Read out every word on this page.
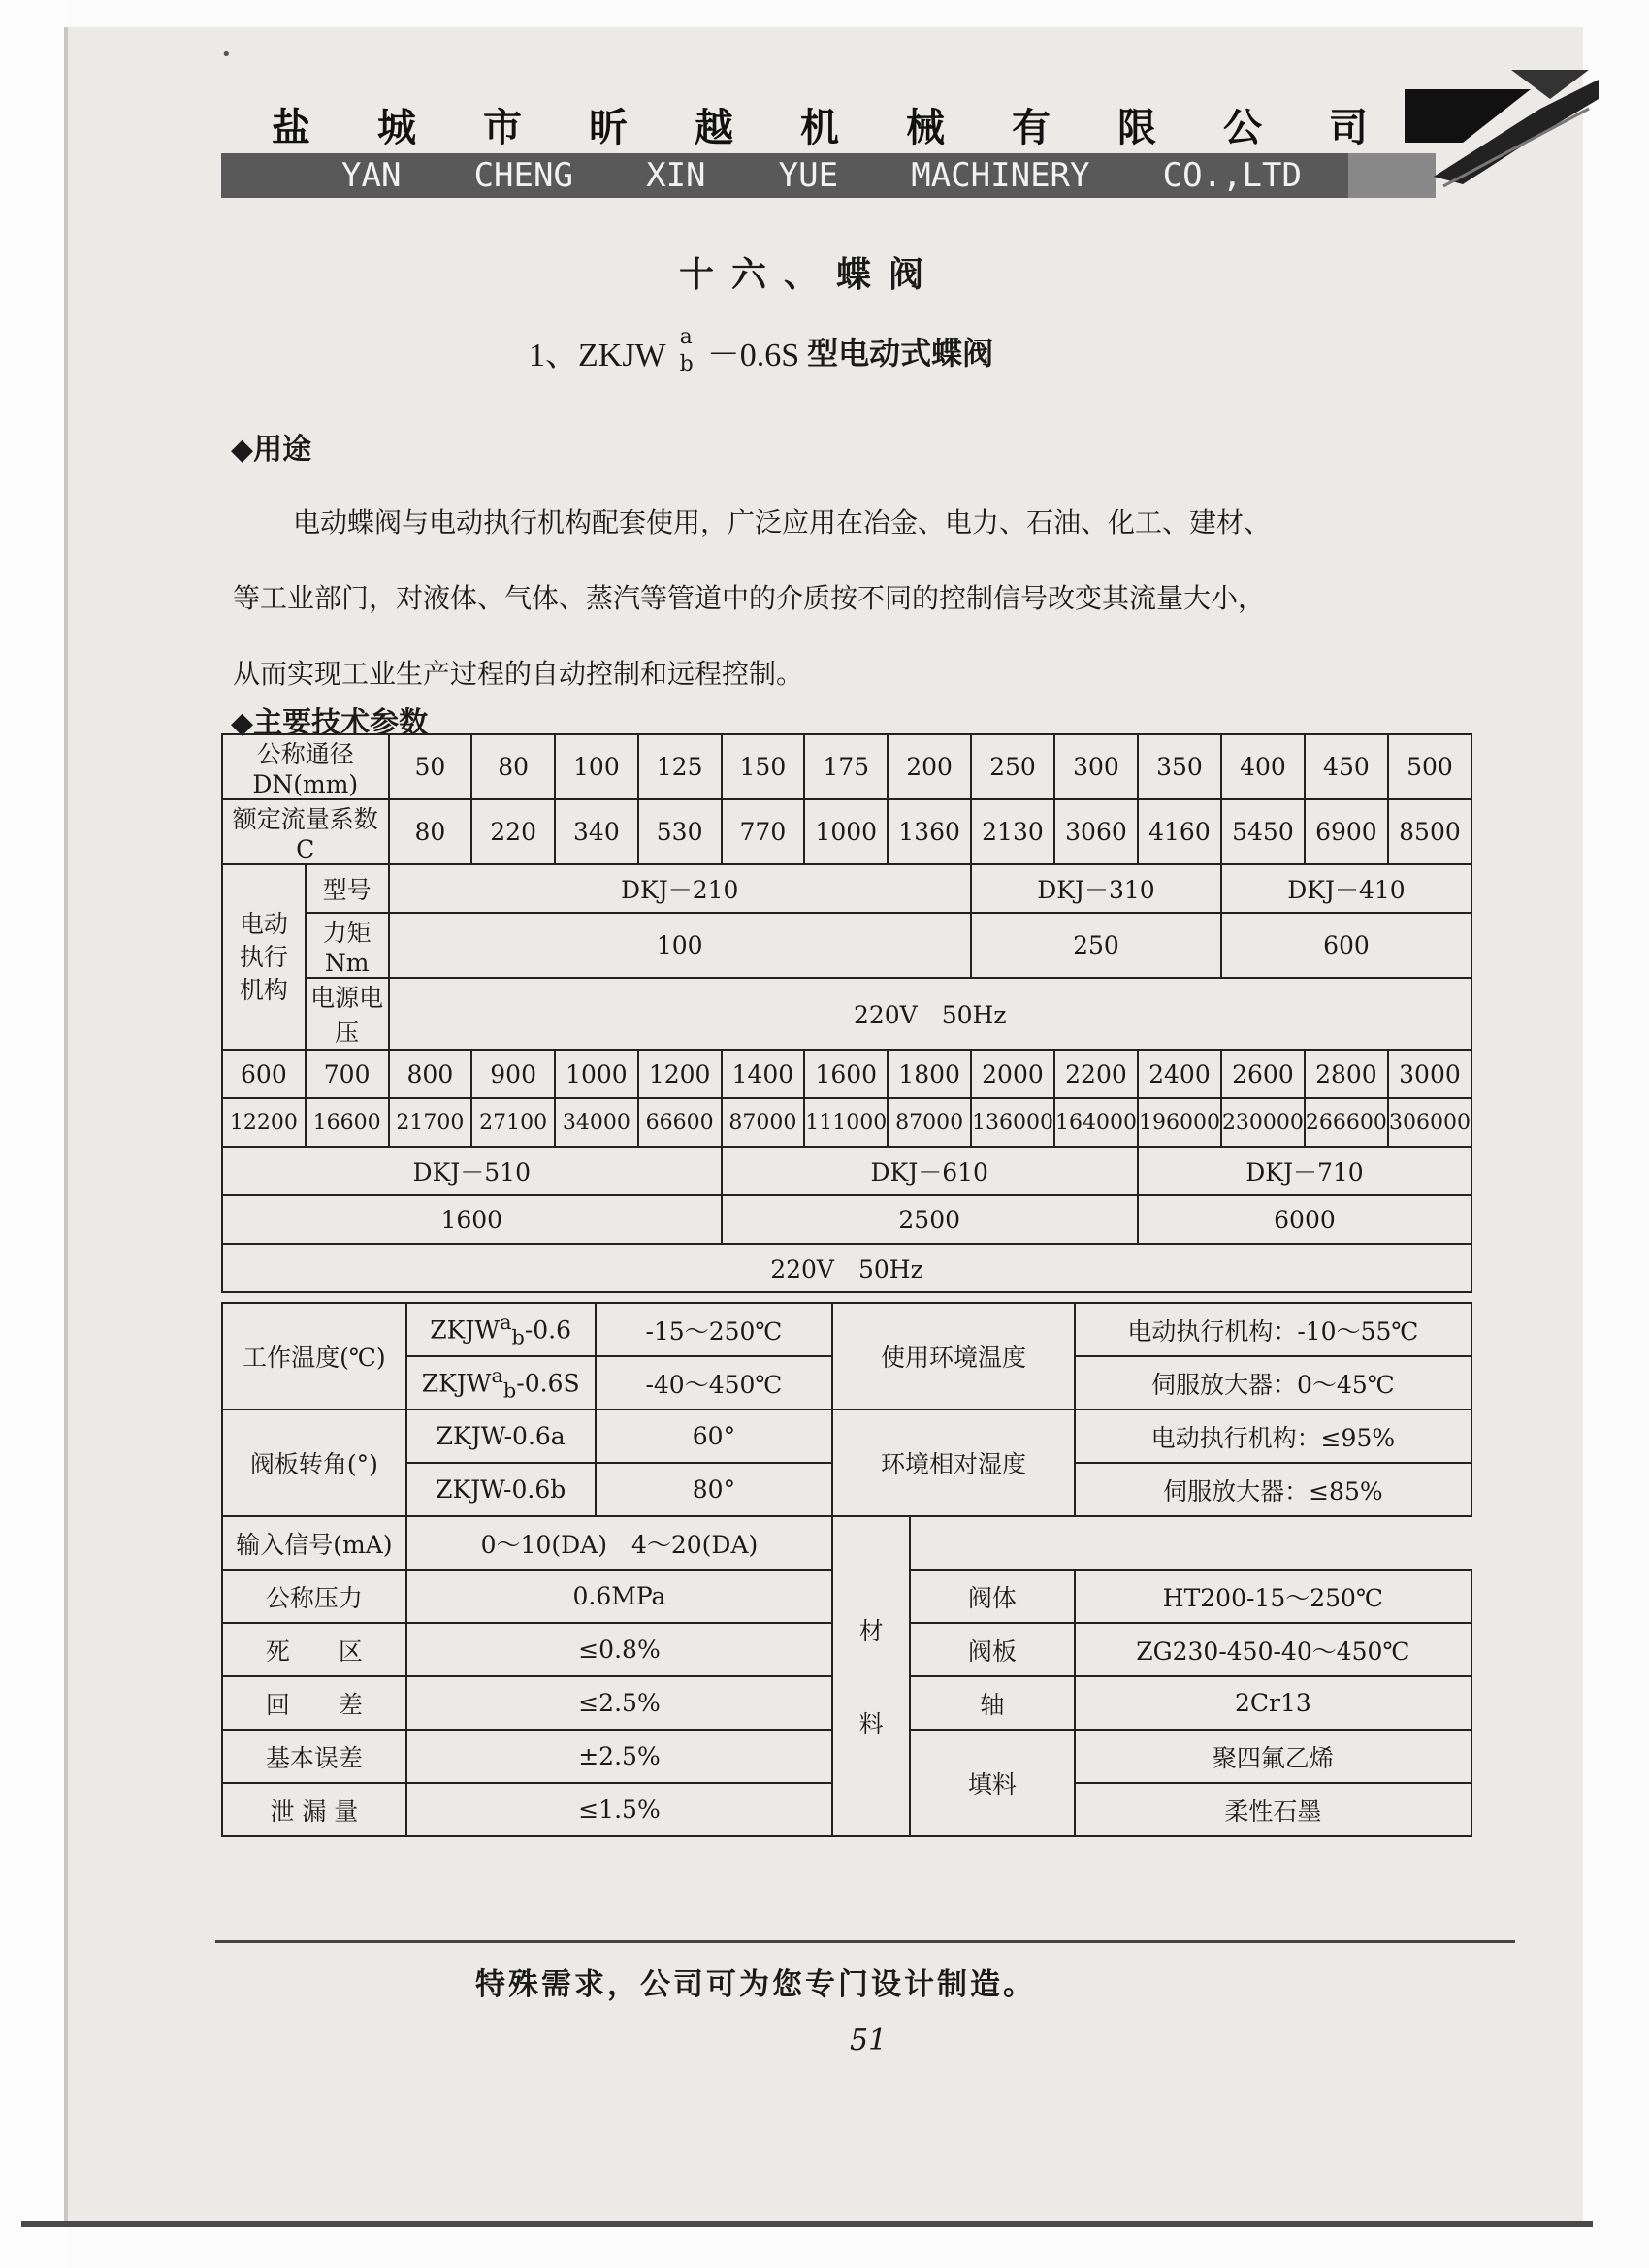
•
盐 城 市 昕 越 机 械 有 限 公 司
YAN CHENG XIN YUE MACHINERY CO.,LTD
十六、蝶阀
1、ZKJW a
b －0.6S 型电动式蝶阀
◆用途
电动蝶阀与电动执行机构配套使用，广泛应用在冶金、电力、石油、化工、建材、
等工业部门，对液体、气体、蒸汽等管道中的介质按不同的控制信号改变其流量大小，
从而实现工业生产过程的自动控制和远程控制。
◆主要技术参数
公称通径 DN(mm)		50	80	100	125	150	175	200	250	300	350	400	450	500
额定流量系数 C		80	220	340	530	770	1000	1360	2130	3060	4160	5450	6900	8500

电动
执行
机构	型号	DKJ－210							DKJ－310			DKJ－410		
	力矩 Nm	100							250			600		
	电源电压	220V　50Hz												
600	700	800	900	1000	1200	1400	1600	1800	2000	2200	2400	2600	2800	3000
12200	16600	21700	27100	34000	66600	87000	111000	87000	136000	164000	196000	230000	266600	306000
DKJ－510						DKJ－610					DKJ－710			
1600						2500					6000			
220V　50Hz														
工作温度(℃)	$ZKJW^a_b-0.6$	-15～250℃	使用环境温度		电动执行机构：-10～55℃
	$ZKJW^a_b-0.6S$	-40～450℃			伺服放大器：0～45℃
阀板转角(°)	ZKJW-0.6a	60°	环境相对湿度		电动执行机构：≤95%
	ZKJW-0.6b	80°			伺服放大器：≤85%
输入信号(mA)	0～10(DA)　4～20(DA)		材
料		

公称压力	0.6MPa			阀体	HT200-15～250℃
死　　区	≤0.8%			阀板	ZG230-450-40～450℃
回　　差	≤2.5%			轴	2Cr13
基本误差	±2.5%			填料	聚四氟乙烯
泄 漏 量	≤1.5%				柔性石墨
特殊需求，公司可为您专门设计制造。
51
